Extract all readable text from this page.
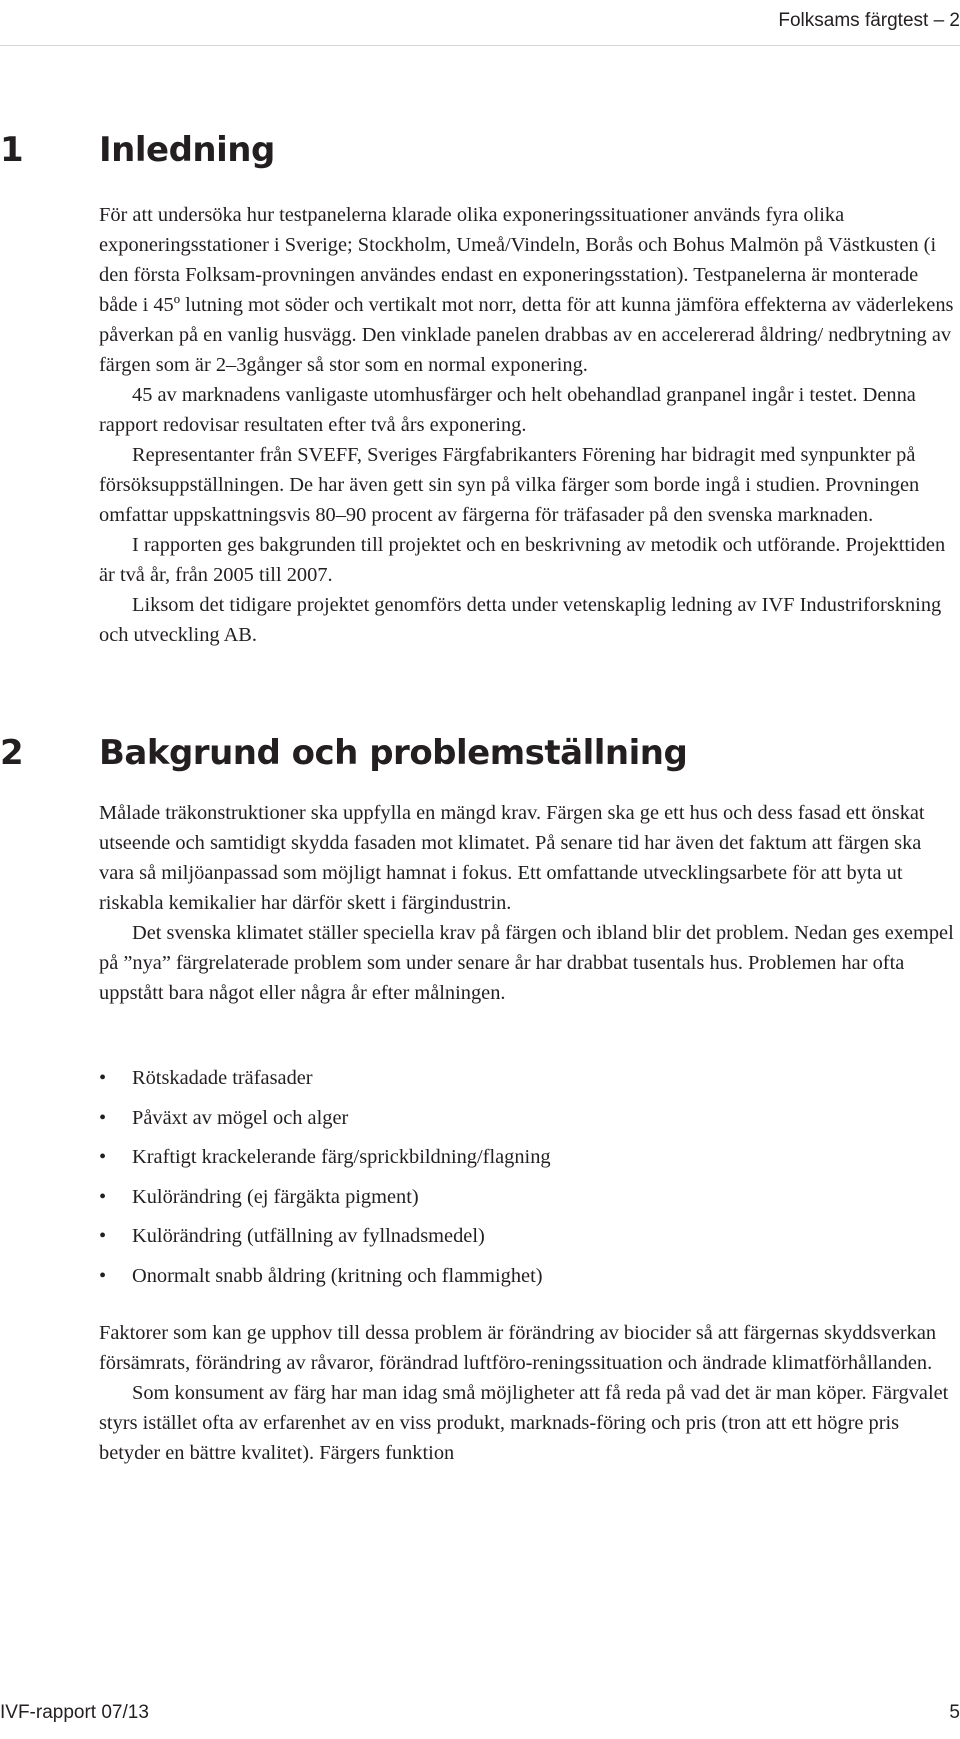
Folksams färgtest – 2
1 Inledning

För att undersöka hur testpanelerna klarade olika exponeringssituationer används fyra olika exponeringsstationer i Sverige; Stockholm, Umeå/Vindeln, Borås och Bohus Malmön på Västkusten (i den första Folksam-provningen användes endast en exponeringsstation). Testpanelerna är monterade både i 45º lutning mot söder och vertikalt mot norr, detta för att kunna jämföra effekterna av väderlekens påverkan på en vanlig husvägg. Den vinklade panelen drabbas av en accelererad åldring/ nedbrytning av färgen som är 2–3gånger så stor som en normal exponering.

45 av marknadens vanligaste utomhusfärger och helt obehandlad granpanel ingår i testet. Denna rapport redovisar resultaten efter två års exponering.

Representanter från SVEFF, Sveriges Färgfabrikanters Förening har bidragit med synpunkter på försöksuppställningen. De har även gett sin syn på vilka färger som borde ingå i studien. Provningen omfattar uppskattningsvis 80–90 procent av färgerna för träfasader på den svenska marknaden.

I rapporten ges bakgrunden till projektet och en beskrivning av metodik och utförande. Projekttiden är två år, från 2005 till 2007.

Liksom det tidigare projektet genomförs detta under vetenskaplig ledning av IVF Industriforskning och utveckling AB.

2 Bakgrund och problemställning

Målade träkonstruktioner ska uppfylla en mängd krav. Färgen ska ge ett hus och dess fasad ett önskat utseende och samtidigt skydda fasaden mot klimatet. På senare tid har även det faktum att färgen ska vara så miljöanpassad som möjligt hamnat i fokus. Ett omfattande utvecklingsarbete för att byta ut riskabla kemikalier har därför skett i färgindustrin.

Det svenska klimatet ställer speciella krav på färgen och ibland blir det problem. Nedan ges exempel på ”nya” färgrelaterade problem som under senare år har drabbat tusentals hus. Problemen har ofta uppstått bara något eller några år efter målningen.

• Rötskadade träfasader
• Påväxt av mögel och alger
• Kraftigt krackelerande färg/sprickbildning/flagning
• Kulörändring (ej färgäkta pigment)
• Kulörändring (utfällning av fyllnadsmedel)
• Onormalt snabb åldring (kritning och flammighet)

Faktorer som kan ge upphov till dessa problem är förändring av biocider så att färgernas skyddsverkan försämrats, förändring av råvaror, förändrad luftföro-reningssituation och ändrade klimatförhållanden.

Som konsument av färg har man idag små möjligheter att få reda på vad det är man köper. Färgvalet styrs istället ofta av erfarenhet av en viss produkt, marknads-föring och pris (tron att ett högre pris betyder en bättre kvalitet). Färgers funktion

IVF-rapport 07/13	5
